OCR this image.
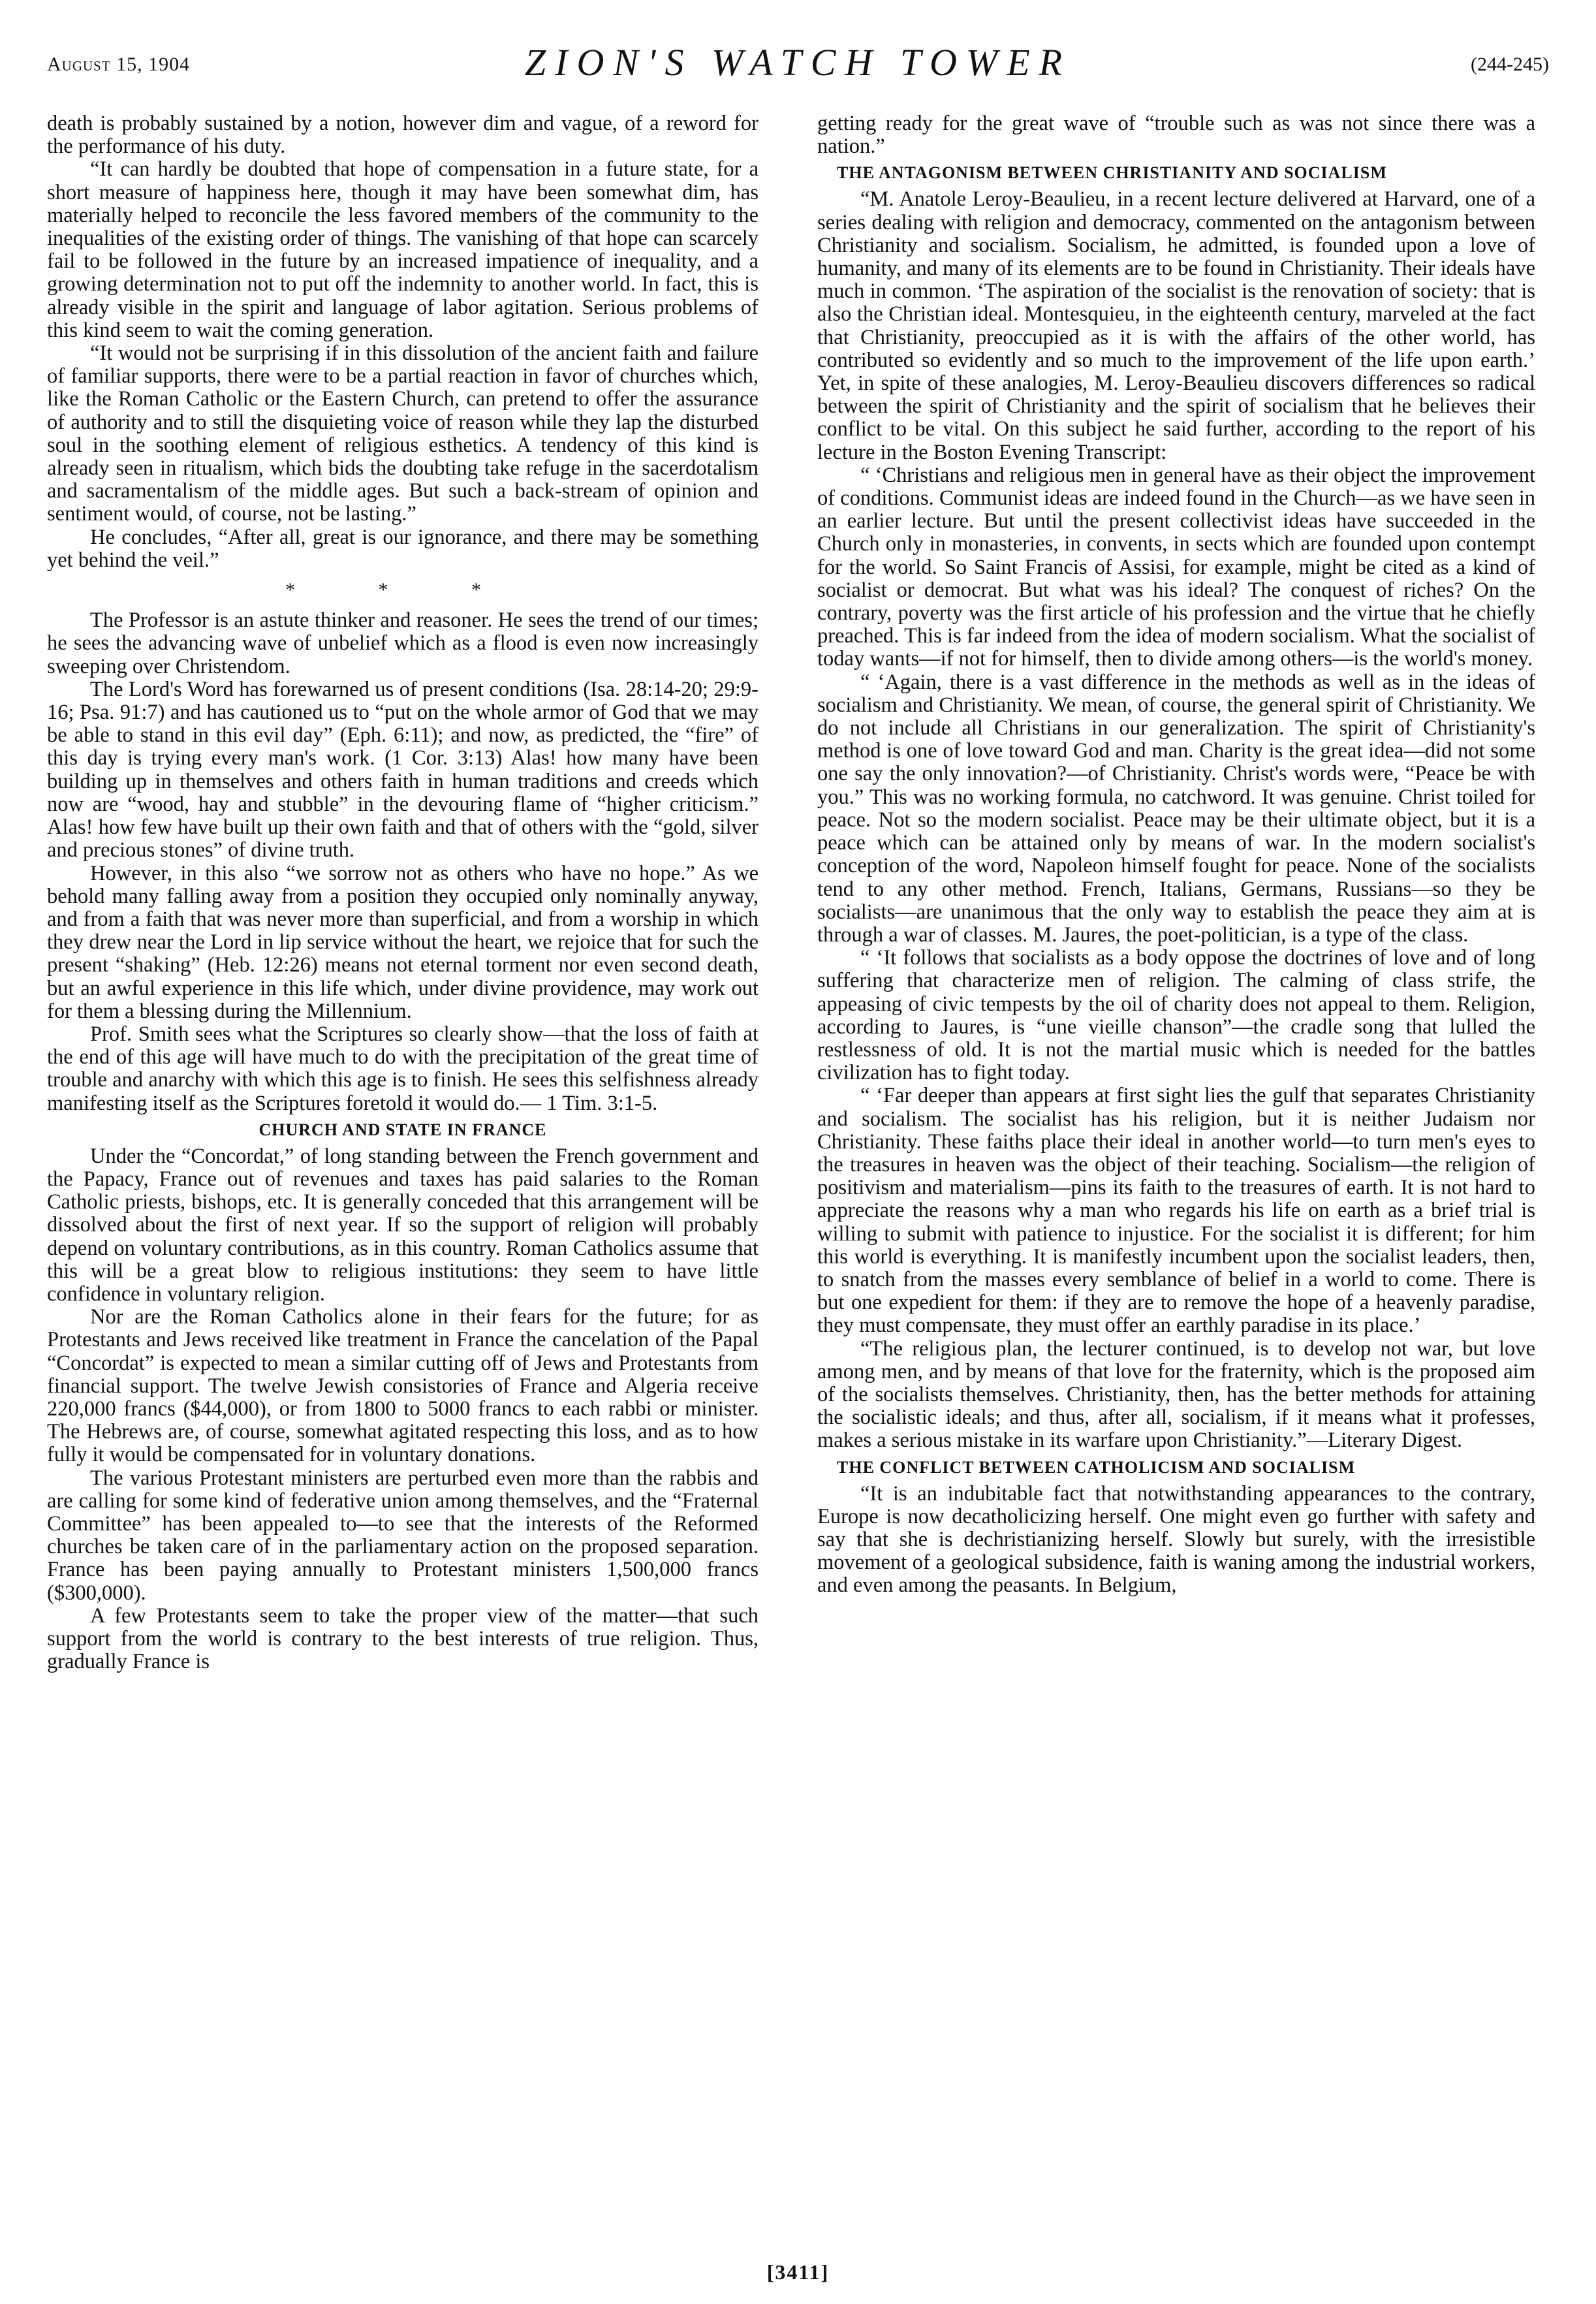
August 15, 1904	ZION'S WATCH TOWER	(244-245)

death is probably sustained by a notion, however dim and vague, of a reword for the performance of his duty.

“It can hardly be doubted that hope of compensation in a future state, for a short measure of happiness here, though it may have been somewhat dim, has materially helped to reconcile the less favored members of the community to the inequalities of the existing order of things. The vanishing of that hope can scarcely fail to be followed in the future by an increased impatience of inequality, and a growing determination not to put off the indemnity to another world. In fact, this is already visible in the spirit and language of labor agitation. Serious problems of this kind seem to wait the coming generation.

“It would not be surprising if in this dissolution of the ancient faith and failure of familiar supports, there were to be a partial reaction in favor of churches which, like the Roman Catholic or the Eastern Church, can pretend to offer the assurance of authority and to still the disquieting voice of reason while they lap the disturbed soul in the soothing element of religious esthetics. A tendency of this kind is already seen in ritualism, which bids the doubting take refuge in the sacerdotalism and sacramentalism of the middle ages. But such a back-stream of opinion and sentiment would, of course, not be lasting.”

He concludes, “After all, great is our ignorance, and there may be something yet behind the veil.”

* * *

The Professor is an astute thinker and reasoner. He sees the trend of our times; he sees the advancing wave of unbelief which as a flood is even now increasingly sweeping over Christendom.

The Lord's Word has forewarned us of present conditions (Isa. 28:14-20; 29:9-16; Psa. 91:7) and has cautioned us to “put on the whole armor of God that we may be able to stand in this evil day” (Eph. 6:11); and now, as predicted, the “fire” of this day is trying every man's work. (1 Cor. 3:13) Alas! how many have been building up in themselves and others faith in human traditions and creeds which now are “wood, hay and stubble” in the devouring flame of “higher criticism.” Alas! how few have built up their own faith and that of others with the “gold, silver and precious stones” of divine truth.

However, in this also “we sorrow not as others who have no hope.” As we behold many falling away from a position they occupied only nominally anyway, and from a faith that was never more than superficial, and from a worship in which they drew near the Lord in lip service without the heart, we rejoice that for such the present “shaking” (Heb. 12:26) means not eternal torment nor even second death, but an awful experience in this life which, under divine providence, may work out for them a blessing during the Millennium.

Prof. Smith sees what the Scriptures so clearly show—that the loss of faith at the end of this age will have much to do with the precipitation of the great time of trouble and anarchy with which this age is to finish. He sees this selfishness already manifesting itself as the Scriptures foretold it would do.— 1 Tim. 3:1-5.

CHURCH AND STATE IN FRANCE

Under the “Concordat,” of long standing between the French government and the Papacy, France out of revenues and taxes has paid salaries to the Roman Catholic priests, bishops, etc. It is generally conceded that this arrangement will be dissolved about the first of next year. If so the support of religion will probably depend on voluntary contributions, as in this country. Roman Catholics assume that this will be a great blow to religious institutions: they seem to have little confidence in voluntary religion.

Nor are the Roman Catholics alone in their fears for the future; for as Protestants and Jews received like treatment in France the cancelation of the Papal “Concordat” is expected to mean a similar cutting off of Jews and Protestants from financial support. The twelve Jewish consistories of France and Algeria receive 220,000 francs ($44,000), or from 1800 to 5000 francs to each rabbi or minister. The Hebrews are, of course, somewhat agitated respecting this loss, and as to how fully it would be compensated for in voluntary donations.

The various Protestant ministers are perturbed even more than the rabbis and are calling for some kind of federative union among themselves, and the “Fraternal Committee” has been appealed to—to see that the interests of the Reformed churches be taken care of in the parliamentary action on the proposed separation. France has been paying annually to Protestant ministers 1,500,000 francs ($300,000).

A few Protestants seem to take the proper view of the matter—that such support from the world is contrary to the best interests of true religion. Thus, gradually France is

getting ready for the great wave of “trouble such as was not since there was a nation.”

THE ANTAGONISM BETWEEN CHRISTIANITY AND SOCIALISM

“M. Anatole Leroy-Beaulieu, in a recent lecture delivered at Harvard, one of a series dealing with religion and democracy, commented on the antagonism between Christianity and socialism. Socialism, he admitted, is founded upon a love of humanity, and many of its elements are to be found in Christianity. Their ideals have much in common. ‘The aspiration of the socialist is the renovation of society: that is also the Christian ideal. Montesquieu, in the eighteenth century, marveled at the fact that Christianity, preoccupied as it is with the affairs of the other world, has contributed so evidently and so much to the improvement of the life upon earth.’ Yet, in spite of these analogies, M. Leroy-Beaulieu discovers differences so radical between the spirit of Christianity and the spirit of socialism that he believes their conflict to be vital. On this subject he said further, according to the report of his lecture in the Boston Evening Transcript:

“ ‘Christians and religious men in general have as their object the improvement of conditions. Communist ideas are indeed found in the Church—as we have seen in an earlier lecture. But until the present collectivist ideas have succeeded in the Church only in monasteries, in convents, in sects which are founded upon contempt for the world. So Saint Francis of Assisi, for example, might be cited as a kind of socialist or democrat. But what was his ideal? The conquest of riches? On the contrary, poverty was the first article of his profession and the virtue that he chiefly preached. This is far indeed from the idea of modern socialism. What the socialist of today wants—if not for himself, then to divide among others—is the world's money.

“ ‘Again, there is a vast difference in the methods as well as in the ideas of socialism and Christianity. We mean, of course, the general spirit of Christianity. We do not include all Christians in our generalization. The spirit of Christianity's method is one of love toward God and man. Charity is the great idea—did not some one say the only innovation?—of Christianity. Christ's words were, “Peace be with you.” This was no working formula, no catchword. It was genuine. Christ toiled for peace. Not so the modern socialist. Peace may be their ultimate object, but it is a peace which can be attained only by means of war. In the modern socialist's conception of the word, Napoleon himself fought for peace. None of the socialists tend to any other method. French, Italians, Germans, Russians—so they be socialists—are unanimous that the only way to establish the peace they aim at is through a war of classes. M. Jaures, the poet-politician, is a type of the class.

“ ‘It follows that socialists as a body oppose the doctrines of love and of long suffering that characterize men of religion. The calming of class strife, the appeasing of civic tempests by the oil of charity does not appeal to them. Religion, according to Jaures, is “une vieille chanson”—the cradle song that lulled the restlessness of old. It is not the martial music which is needed for the battles civilization has to fight today.

“ ‘Far deeper than appears at first sight lies the gulf that separates Christianity and socialism. The socialist has his religion, but it is neither Judaism nor Christianity. These faiths place their ideal in another world—to turn men's eyes to the treasures in heaven was the object of their teaching. Socialism—the religion of positivism and materialism—pins its faith to the treasures of earth. It is not hard to appreciate the reasons why a man who regards his life on earth as a brief trial is willing to submit with patience to injustice. For the socialist it is different; for him this world is everything. It is manifestly incumbent upon the socialist leaders, then, to snatch from the masses every semblance of belief in a world to come. There is but one expedient for them: if they are to remove the hope of a heavenly paradise, they must compensate, they must offer an earthly paradise in its place.’

“The religious plan, the lecturer continued, is to develop not war, but love among men, and by means of that love for the fraternity, which is the proposed aim of the socialists themselves. Christianity, then, has the better methods for attaining the socialistic ideals; and thus, after all, socialism, if it means what it professes, makes a serious mistake in its warfare upon Christianity.”—Literary Digest.

THE CONFLICT BETWEEN CATHOLICISM AND SOCIALISM

“It is an indubitable fact that notwithstanding appearances to the contrary, Europe is now decatholicizing herself. One might even go further with safety and say that she is dechristianizing herself. Slowly but surely, with the irresistible movement of a geological subsidence, faith is waning among the industrial workers, and even among the peasants. In Belgium,

[3411]
